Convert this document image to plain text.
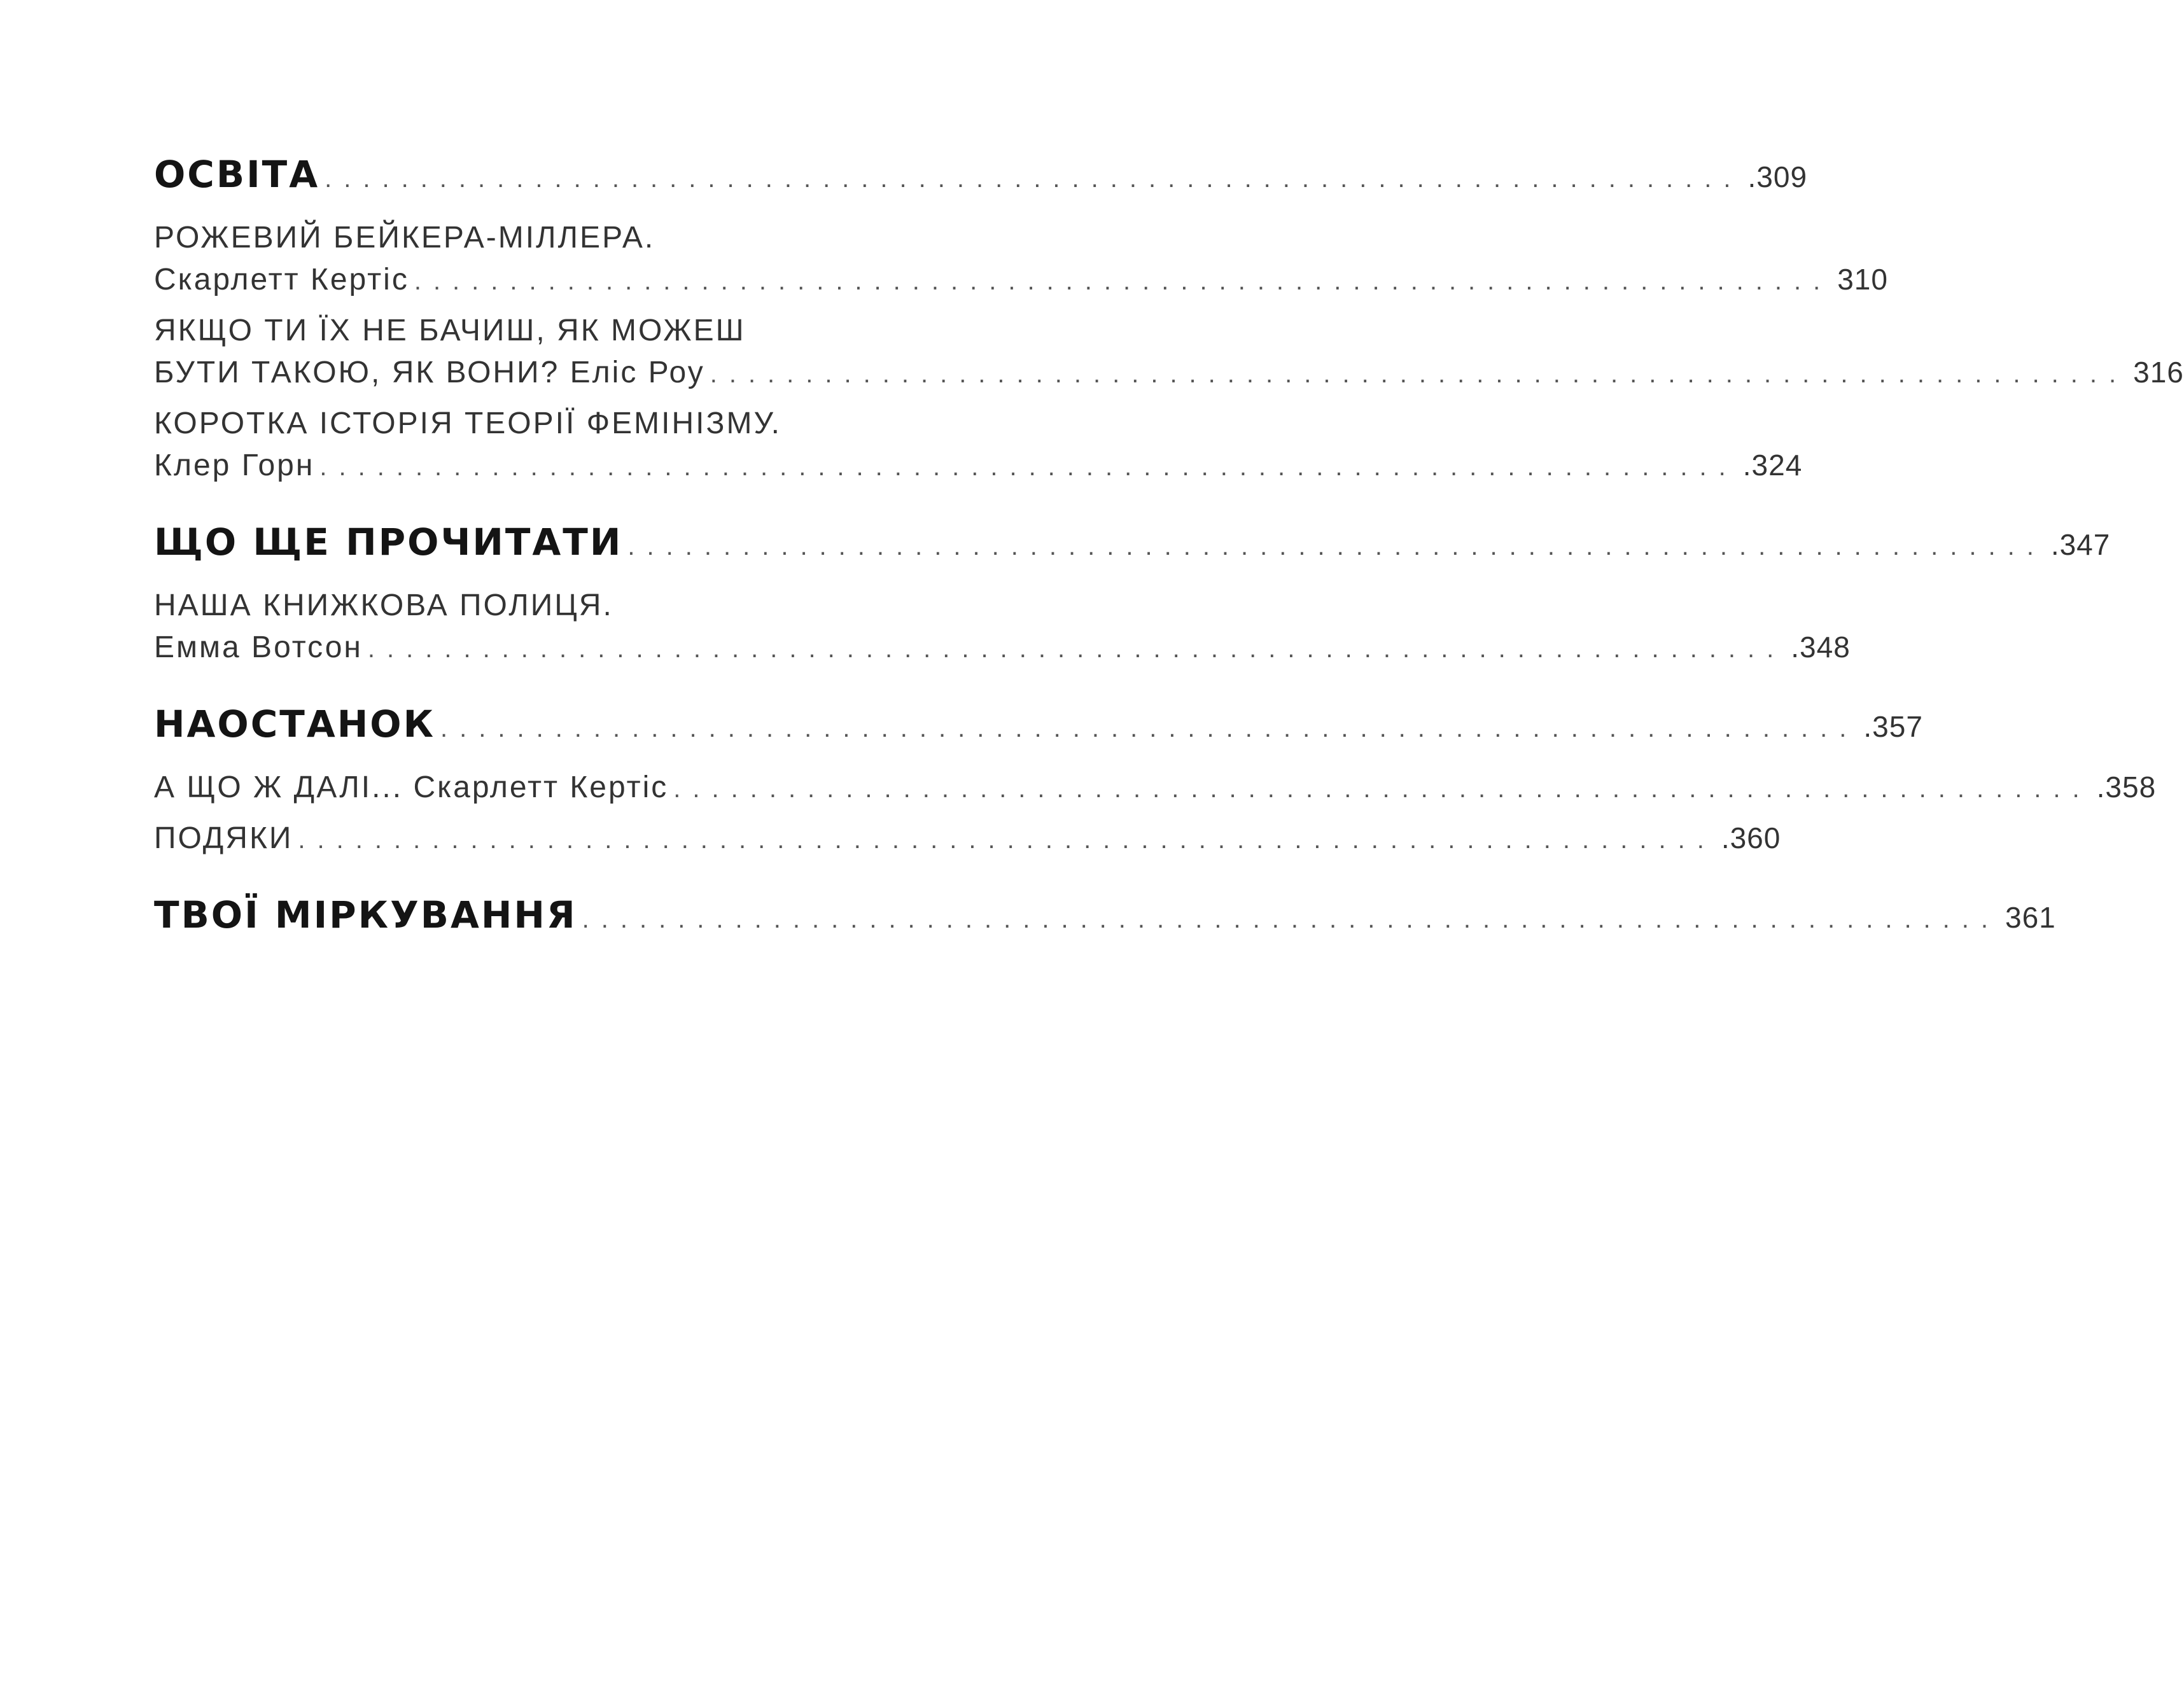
ОСВІТА .......................................................................... .309
РОЖЕВИЙ БЕЙКЕРА-МІЛЛЕРА.
Скарлетт Кертіс .......................................................................... 310
ЯКЩО ТИ ЇХ НЕ БАЧИШ, ЯК МОЖЕШ
БУТИ ТАКОЮ, ЯК ВОНИ? Еліс Роу .......................................................................... 316
КОРОТКА ІСТОРІЯ ТЕОРІЇ ФЕМІНІЗМУ.
Клер Горн .......................................................................... .324
ЩО ЩЕ ПРОЧИТАТИ .......................................................................... .347
НАША КНИЖКОВА ПОЛИЦЯ.
Емма Вотсон .......................................................................... .348
НАОСТАНОК .......................................................................... .357
А ЩО Ж ДАЛІ... Скарлетт Кертіс .......................................................................... .358
ПОДЯКИ .......................................................................... .360
ТВОЇ МІРКУВАННЯ .......................................................................... 361
